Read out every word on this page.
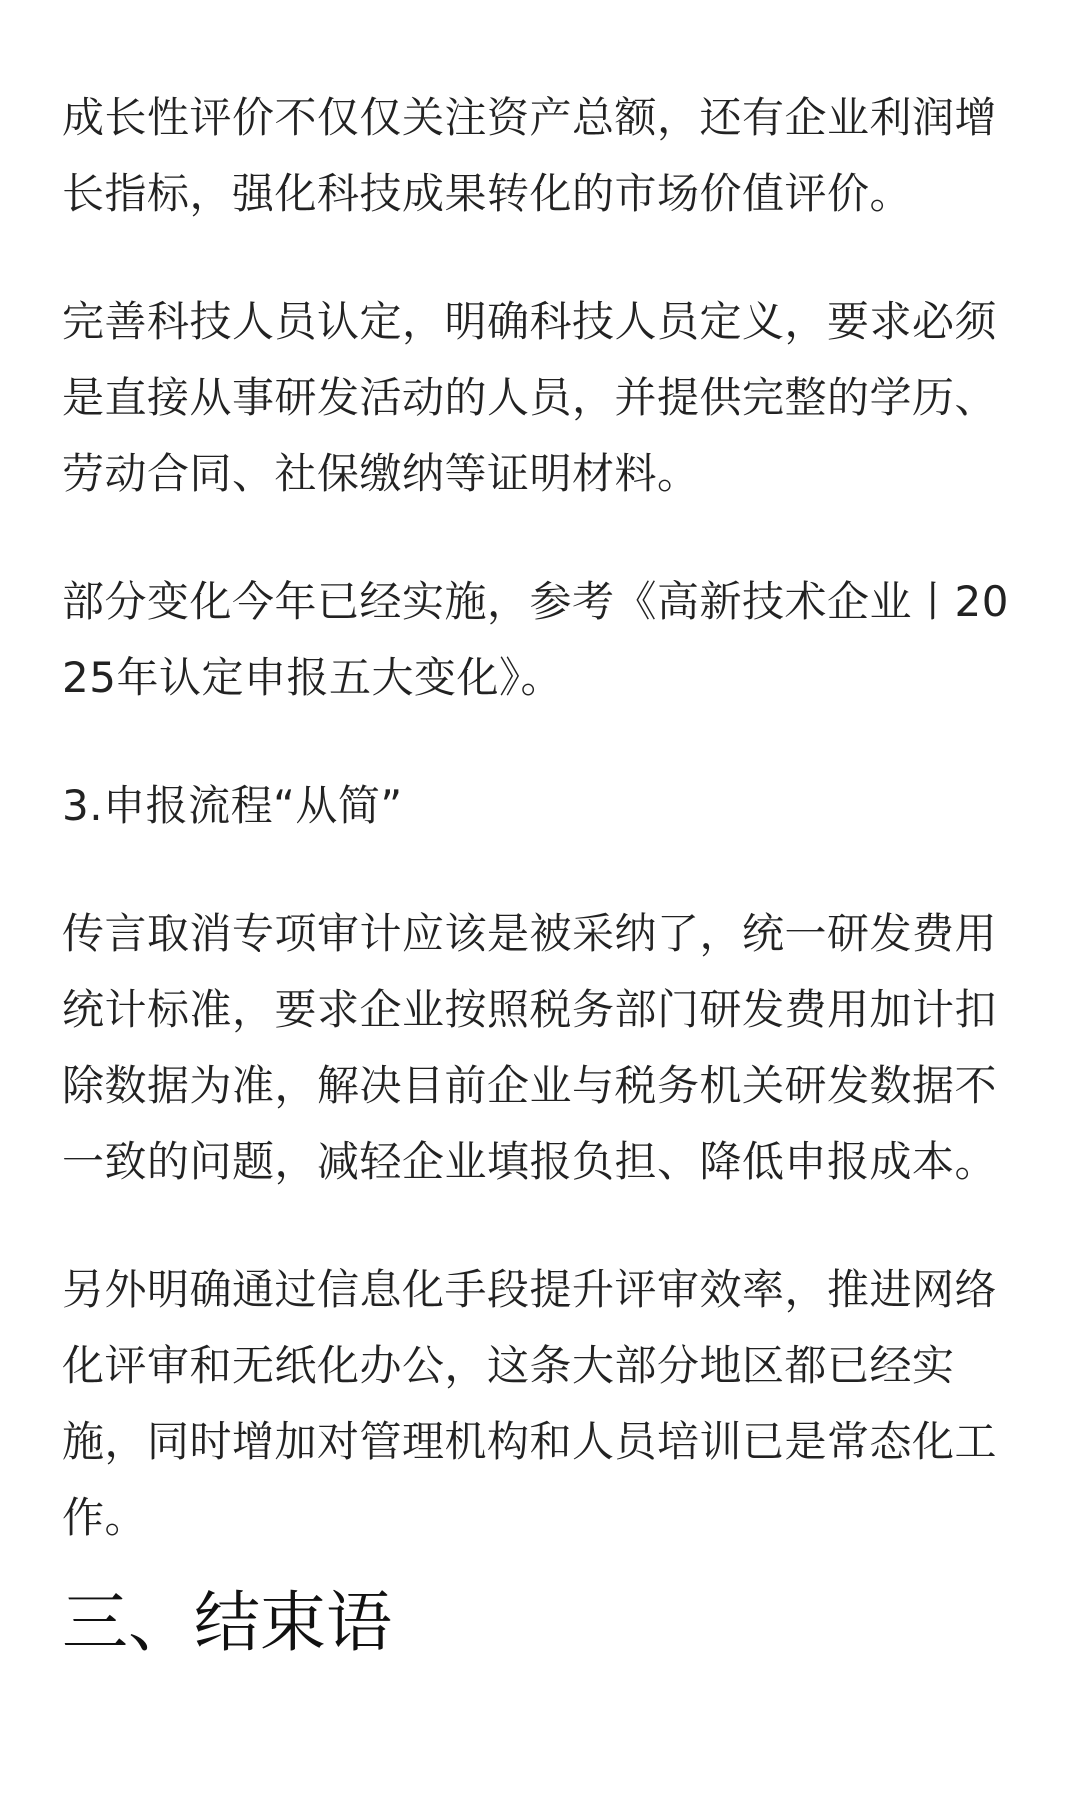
成长性评价不仅仅关注资产总额，还有企业利润增
长指标，强化科技成果转化的市场价值评价。

完善科技人员认定，明确科技人员定义，要求必须
是直接从事研发活动的人员，并提供完整的学历、
劳动合同、社保缴纳等证明材料。

部分变化今年已经实施，参考《高新技术企业丨20
25年认定申报五大变化》。

3.申报流程“从简”

传言取消专项审计应该是被采纳了，统一研发费用
统计标准，要求企业按照税务部门研发费用加计扣
除数据为准，解决目前企业与税务机关研发数据不
一致的问题，减轻企业填报负担、降低申报成本。

另外明确通过信息化手段提升评审效率，推进网络
化评审和无纸化办公，这条大部分地区都已经实
施，同时增加对管理机构和人员培训已是常态化工
作。

三、结束语
